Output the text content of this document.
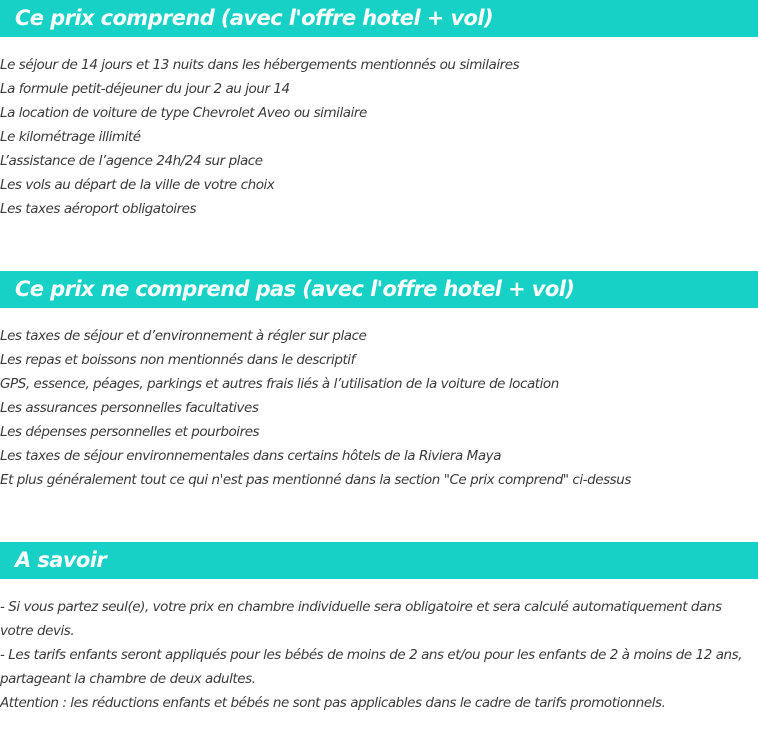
Ce prix comprend (avec l'offre hotel + vol)
Le séjour de 14 jours et 13 nuits dans les hébergements mentionnés ou similaires
La formule petit-déjeuner du jour 2 au jour 14
La location de voiture de type Chevrolet Aveo ou similaire
Le kilométrage illimité
L’assistance de l’agence 24h/24 sur place
Les vols au départ de la ville de votre choix
Les taxes aéroport obligatoires
Ce prix ne comprend pas (avec l'offre hotel + vol)
Les taxes de séjour et d’environnement à régler sur place
Les repas et boissons non mentionnés dans le descriptif
GPS, essence, péages, parkings et autres frais liés à l’utilisation de la voiture de location
Les assurances personnelles facultatives
Les dépenses personnelles et pourboires
Les taxes de séjour environnementales dans certains hôtels de la Riviera Maya
Et plus généralement tout ce qui n'est pas mentionné dans la section "Ce prix comprend" ci-dessus
A savoir
- Si vous partez seul(e), votre prix en chambre individuelle sera obligatoire et sera calculé automatiquement dans votre devis.
- Les tarifs enfants seront appliqués pour les bébés de moins de 2 ans et/ou pour les enfants de 2 à moins de 12 ans, partageant la chambre de deux adultes.
Attention : les réductions enfants et bébés ne sont pas applicables dans le cadre de tarifs promotionnels.
